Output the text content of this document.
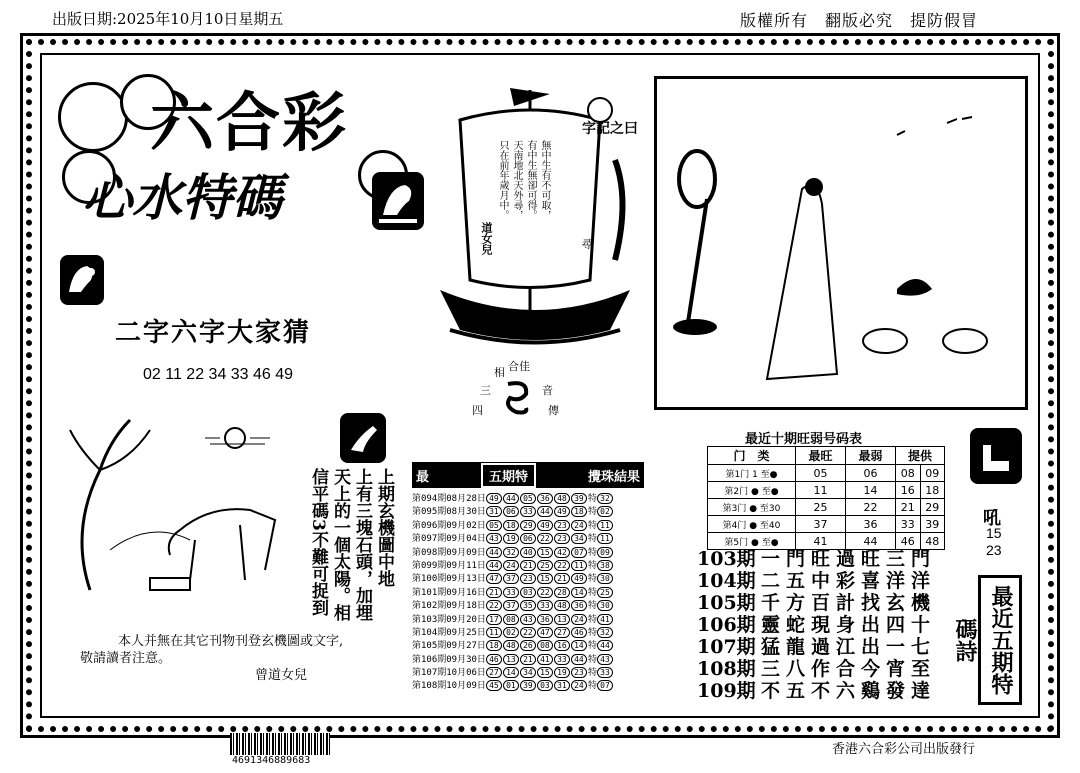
出版日期:2025年10月10日星期五	版權所有　翻版必究　提防假冒
六合彩
心水特碼
字記之曰
無中生有不可取，
有中生無卻可得。
天南地北天外尋，
只在前年歲月中。
尋
道女兒
二字六字大家猜
02 11 22 34 33 46 49	合佳
相
三	音
四	傳
上期玄機圖中地
上有三塊石頭，加埋
天上的一個太陽。相
信平碼3不難可捉到
本人并無在其它刊物刊登玄機圖或文字,
敬請讀者注意。
曾道女兒
最	五期特	攪珠結果
第094期08月28日 49 44 05 36 48 39 特 32
第095期08月30日 31 06 33 44 49 18 特 02
第096期09月02日 05 18 29 49 23 24 特 11
第097期09月04日 43 19 06 22 23 34 特 11
第098期09月09日 44 32 40 15 42 07 特 09
第099期09月11日 44 24 21 25 22 11 特 38
第100期09月13日 47 37 23 15 21 49 特 30
第101期09月16日 21 33 03 22 28 14 特 25
第102期09月18日 22 37 35 33 48 36 特 30
第103期09月20日 17 08 43 36 13 24 特 41
第104期09月25日 11 02 22 47 27 46 特 32
第105期09月27日 18 48 26 08 16 14 特 44
第106期09月30日 46 13 21 41 33 44 特 43
第107期10月06日 27 14 34 15 19 23 特 33
第108期10月09日 45 01 39 03 31 24 特 07
最近十期旺弱号码表
门　类	最旺	最弱	提供	
第1门 1 至●	05	06	08	09
第2门 ● 至●	11	14	16	18
第3门 ● 至30	25	22	21	29
第4门 ● 至40	37	36	33	39
第5门 ● 至●	41	44	46	48
吼
15
23
最近五期特碼詩
103期 一門旺過旺三門
104期 二五中彩喜洋洋
105期 千方百計找玄機
106期 靈蛇現身出四十
107期 猛龍過江出一七
108期 三八作合今宵至
109期 不五不六鷄發達
4691346889683
香港六合彩公司出版發行
